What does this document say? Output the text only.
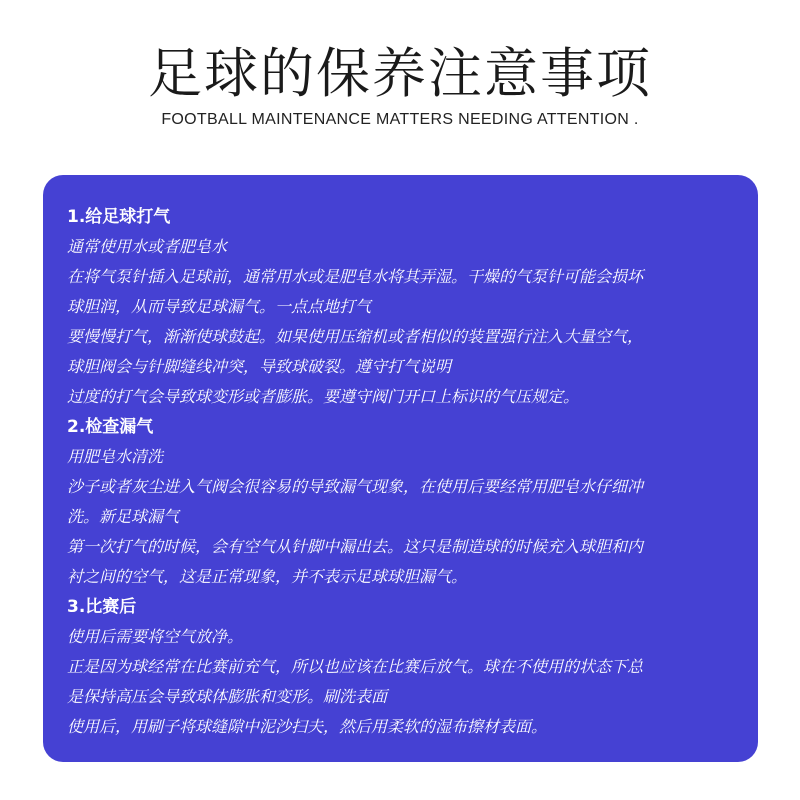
足球的保养注意事项
FOOTBALL MAINTENANCE MATTERS NEEDING ATTENTION .

1.给足球打气

通常使用水或者肥皂水

在将气泵针插入足球前，通常用水或是肥皂水将其弄湿。干燥的气泵针可能会损坏

球胆润，从而导致足球漏气。一点点地打气

要慢慢打气，渐渐使球鼓起。如果使用压缩机或者相似的装置强行注入大量空气，

球胆阀会与针脚缝线冲突，导致球破裂。遵守打气说明

过度的打气会导致球变形或者膨胀。要遵守阀门开口上标识的气压规定。

2.检查漏气

用肥皂水清洗

沙子或者灰尘进入气阀会很容易的导致漏气现象，在使用后要经常用肥皂水仔细冲

洗。新足球漏气

第一次打气的时候，会有空气从针脚中漏出去。这只是制造球的时候充入球胆和内

衬之间的空气，这是正常现象，并不表示足球球胆漏气。

3.比赛后

使用后需要将空气放净。

正是因为球经常在比赛前充气，所以也应该在比赛后放气。球在不使用的状态下总

是保持高压会导致球体膨胀和变形。刷洗表面

使用后，用刷子将球缝隙中泥沙扫夫，然后用柔软的湿布擦材表面。
